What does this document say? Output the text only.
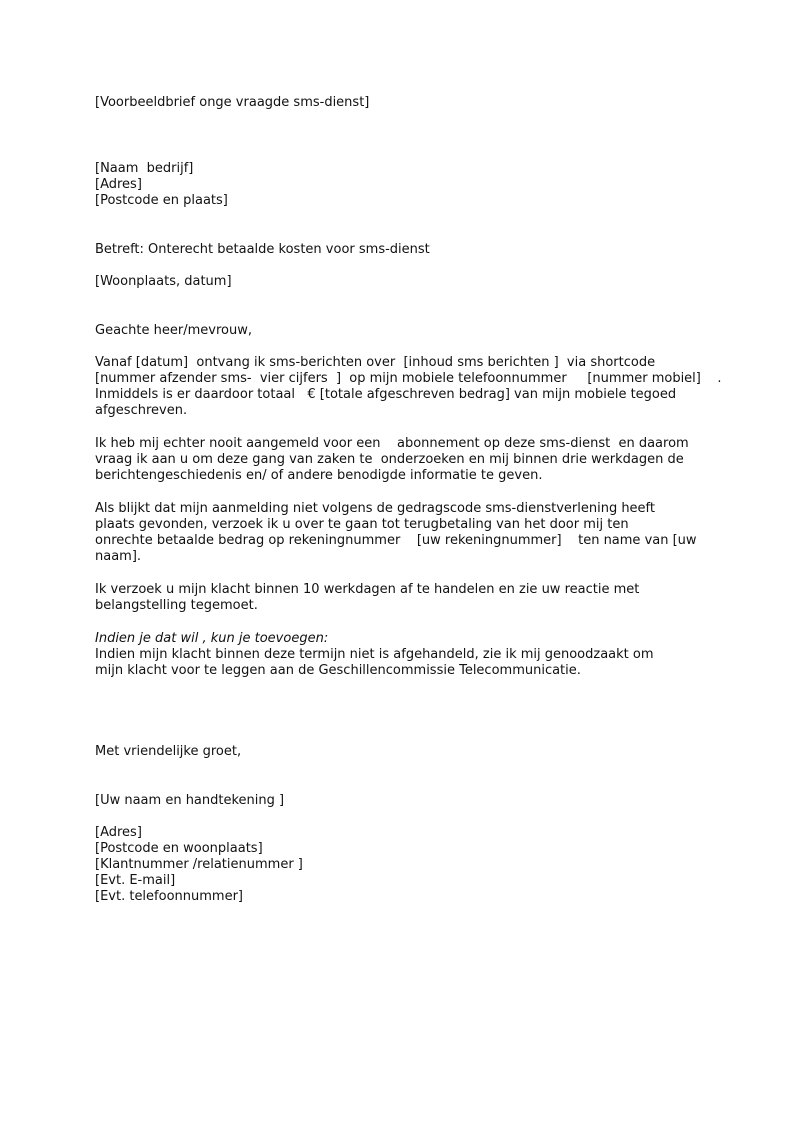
[Voorbeeldbrief onge vraagde sms-dienst]

[Naam  bedrijf]

[Adres]

[Postcode en plaats]

Betreft: Onterecht betaalde kosten voor sms-dienst

[Woonplaats, datum]

Geachte heer/mevrouw,

Vanaf [datum]  ontvang ik sms-berichten over  [inhoud sms berichten ]  via shortcode

[nummer afzender sms-  vier cijfers  ]  op mijn mobiele telefoonnummer     [nummer mobiel]    .

Inmiddels is er daardoor totaal   € [totale afgeschreven bedrag] van mijn mobiele tegoed

afgeschreven.

Ik heb mij echter nooit aangemeld voor een    abonnement op deze sms-dienst  en daarom

vraag ik aan u om deze gang van zaken te  onderzoeken en mij binnen drie werkdagen de

berichtengeschiedenis en/ of andere benodigde informatie te geven.

Als blijkt dat mijn aanmelding niet volgens de gedragscode sms-dienstverlening heeft

plaats gevonden, verzoek ik u over te gaan tot terugbetaling van het door mij ten

onrechte betaalde bedrag op rekeningnummer    [uw rekeningnummer]    ten name van [uw

naam].

Ik verzoek u mijn klacht binnen 10 werkdagen af te handelen en zie uw reactie met

belangstelling tegemoet.

Indien je dat wil , kun je toevoegen:

Indien mijn klacht binnen deze termijn niet is afgehandeld, zie ik mij genoodzaakt om

mijn klacht voor te leggen aan de Geschillencommissie Telecommunicatie.

Met vriendelijke groet,

[Uw naam en handtekening ]

[Adres]

[Postcode en woonplaats]

[Klantnummer /relatienummer ]

[Evt. E-mail]

[Evt. telefoonnummer]
